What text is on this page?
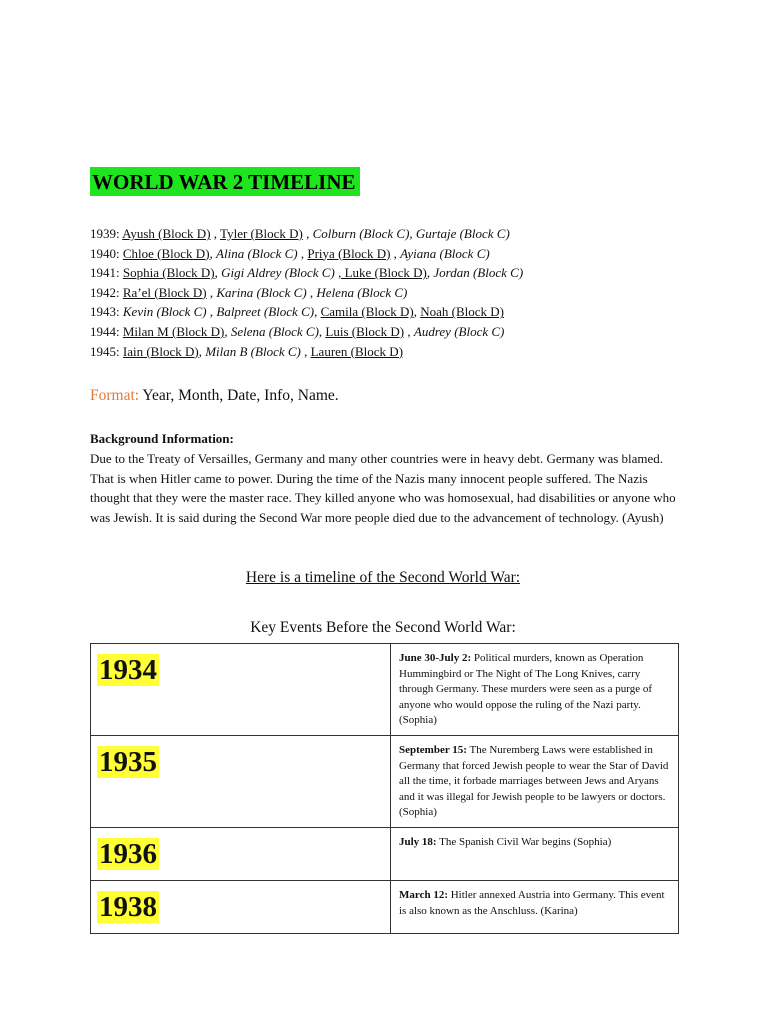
WORLD WAR 2 TIMELINE
1939: Ayush (Block D) , Tyler (Block D) , Colburn (Block C), Gurtaje (Block C)
1940: Chloe (Block D), Alina (Block C) , Priya (Block D) , Ayiana (Block C)
1941: Sophia (Block D), Gigi Aldrey (Block C) , Luke (Block D), Jordan (Block C)
1942: Ra’el (Block D) , Karina (Block C) , Helena (Block C)
1943: Kevin (Block C) , Balpreet (Block C), Camila (Block D), Noah (Block D)
1944: Milan M (Block D), Selena (Block C), Luis (Block D) , Audrey (Block C)
1945: Iain (Block D), Milan B (Block C) , Lauren (Block D)
Format: Year, Month, Date, Info, Name.
Background Information:
Due to the Treaty of Versailles, Germany and many other countries were in heavy debt. Germany was blamed. That is when Hitler came to power. During the time of the Nazis many innocent people suffered. The Nazis thought that they were the master race. They killed anyone who was homosexual, had disabilities or anyone who was Jewish. It is said during the Second War more people died due to the advancement of technology. (Ayush)
Here is a timeline of the Second World War:
Key Events Before the Second World War:
1934	June 30-July 2: Political murders, known as Operation Hummingbird or The Night of The Long Knives, carry through Germany. These murders were seen as a purge of anyone who would oppose the ruling of the Nazi party. (Sophia)
1935	September 15: The Nuremberg Laws were established in Germany that forced Jewish people to wear the Star of David all the time, it forbade marriages between Jews and Aryans and it was illegal for Jewish people to be lawyers or doctors. (Sophia)
1936	July 18: The Spanish Civil War begins (Sophia)
1938	March 12: Hitler annexed Austria into Germany. This event is also known as the Anschluss. (Karina)
